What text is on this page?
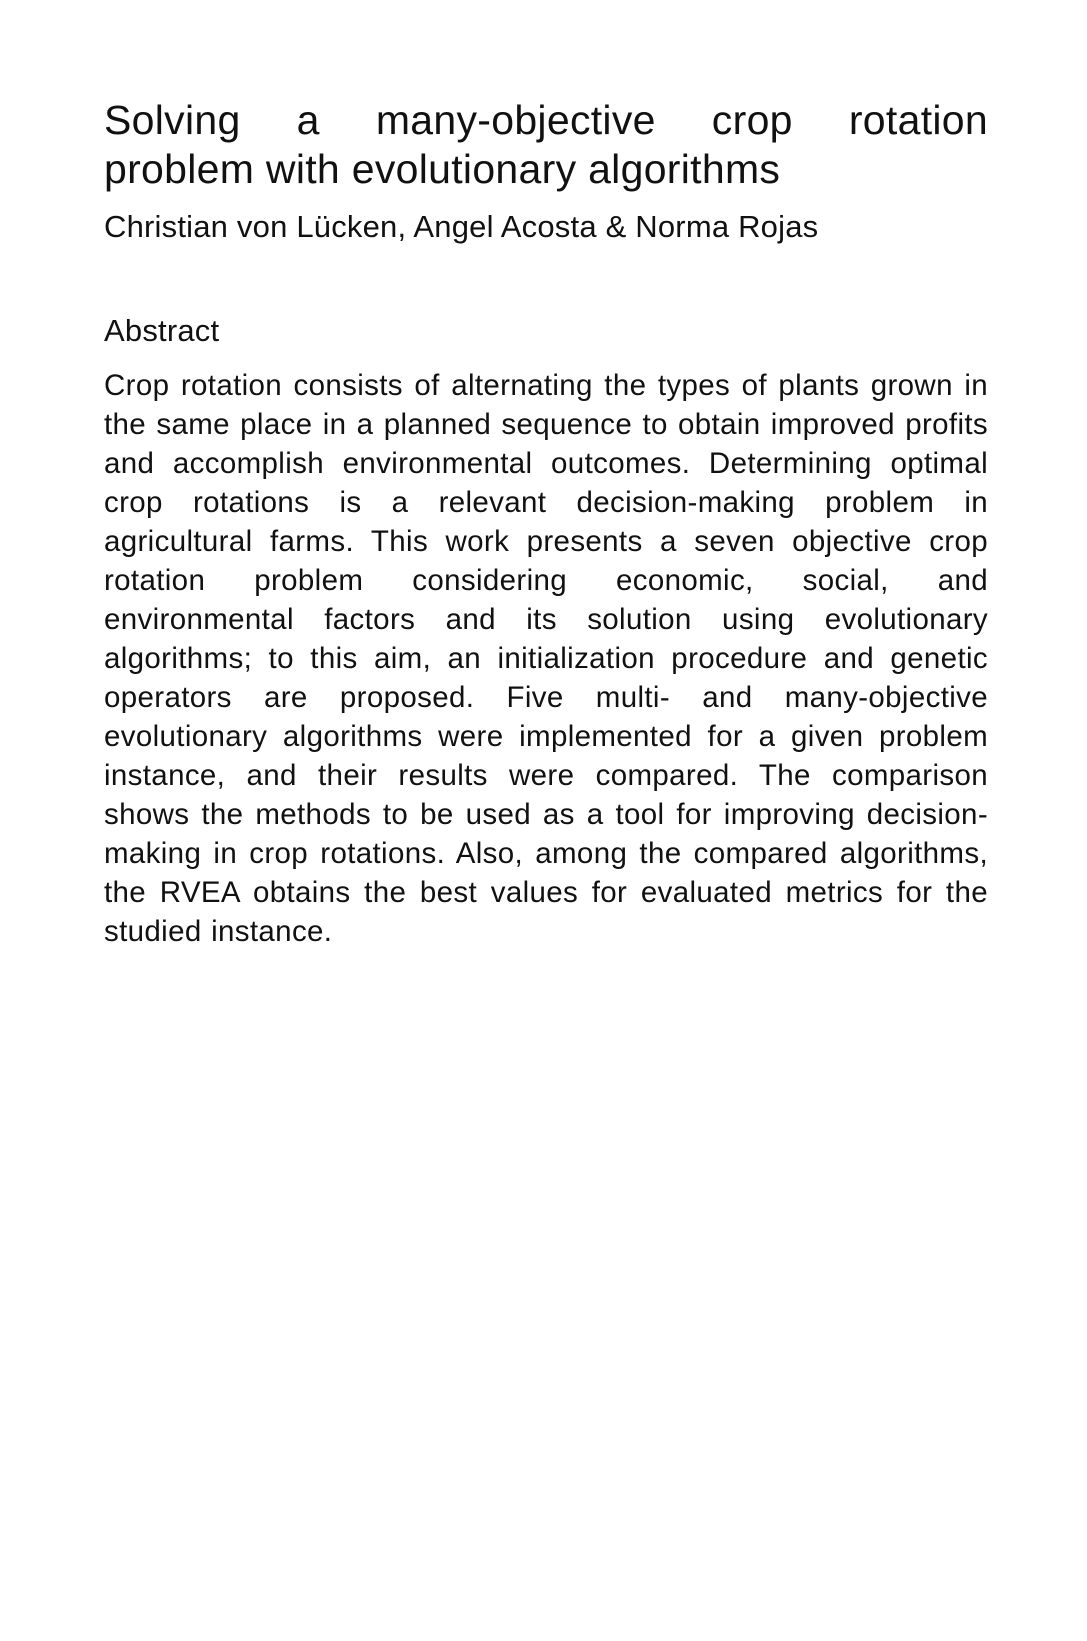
Solving a many-objective crop rotation
problem with evolutionary algorithms

Christian von Lücken, Angel Acosta & Norma Rojas

Abstract

Crop rotation consists of alternating the types of plants grown in the same place in a planned sequence to obtain improved profits and accomplish environmental outcomes. Determining optimal crop rotations is a relevant decision-making problem in agricultural farms. This work presents a seven objective crop rotation problem considering economic, social, and environmental factors and its solution using evolutionary algorithms; to this aim, an initialization procedure and genetic operators are proposed. Five multi- and many-objective evolutionary algorithms were implemented for a given problem instance, and their results were compared. The comparison shows the methods to be used as a tool for improving decision-making in crop rotations. Also, among the compared algorithms, the RVEA obtains the best values for evaluated metrics for the studied instance.
